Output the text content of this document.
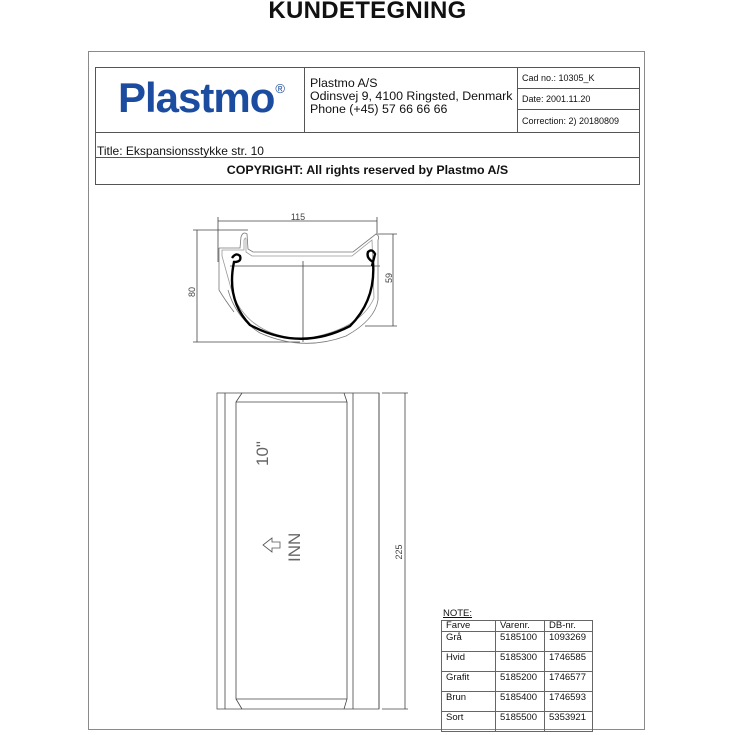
KUNDETEGNING
Plastmo® Plastmo A/S
Odinsvej 9, 4100 Ringsted, Denmark
Phone (+45) 57 66 66 66
Cad no.: 10305_K
Date: 2001.11.20
Correction: 2) 20180809
Title: Ekspansionsstykke str. 10
COPYRIGHT: All rights reserved by Plastmo A/S
115
80
59
225
10"
INN
NOTE:
Farve	Varenr.	DB-nr.
Grå	5185100	1093269
Hvid	5185300	1746585
Grafit	5185200	1746577
Brun	5185400	1746593
Sort	5185500	5353921
